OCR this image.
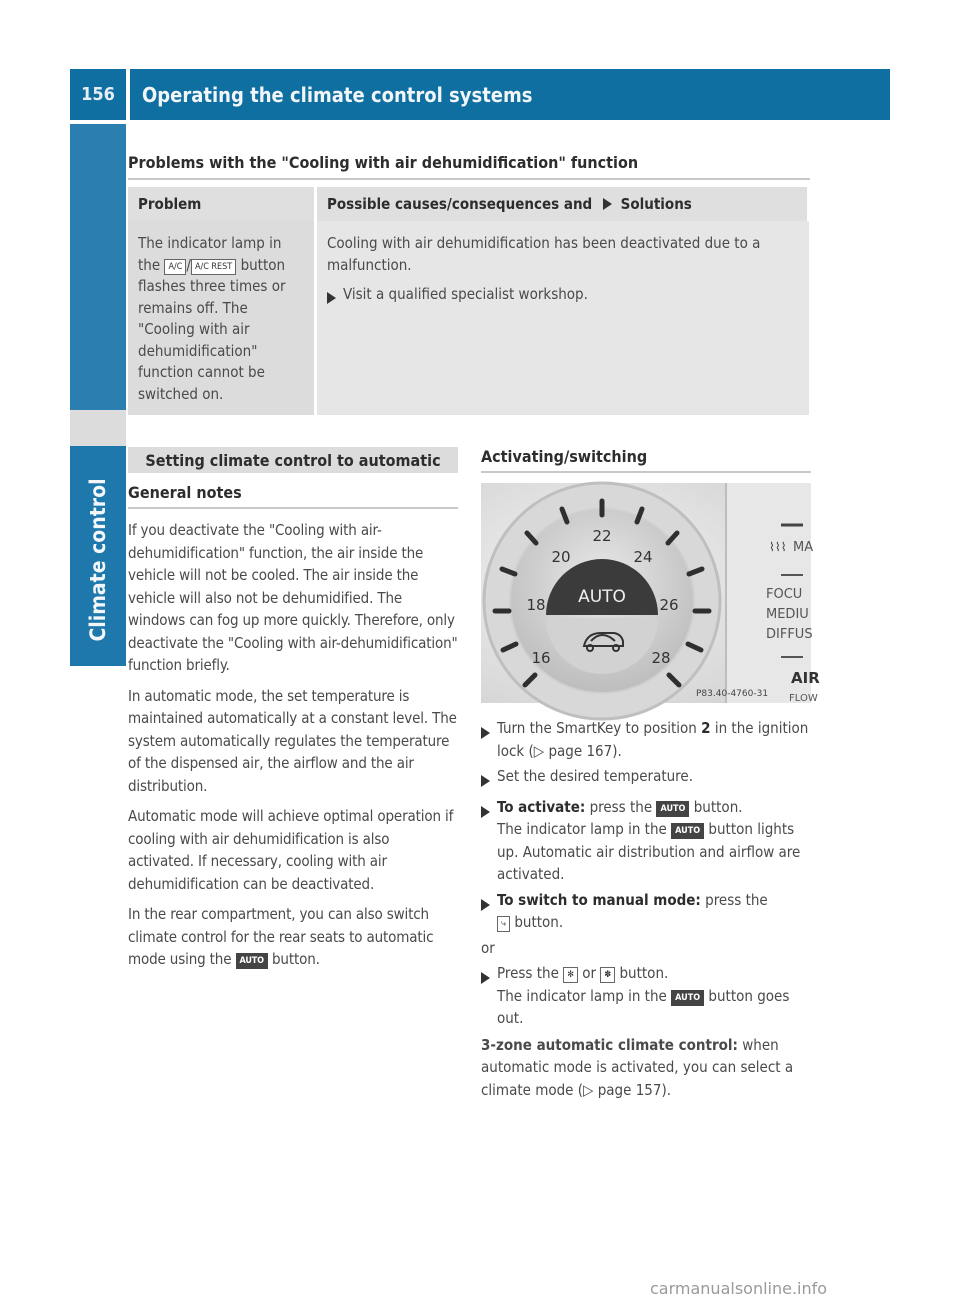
156	Operating the climate control systems
Climate control
Problems with the "Cooling with air dehumidification" function
Problem	Possible causes/consequences and Solutions
The indicator lamp in the A/C / A/C REST button flashes three times or remains off. The "Cooling with air dehumidification" function cannot be switched on.	Cooling with air dehumidification has been deactivated due to a malfunction.
Visit a qualified specialist workshop.
Setting climate control to automatic
General notes
If you deactivate the "Cooling with air-dehumidification" function, the air inside the vehicle will not be cooled. The air inside the vehicle will also not be dehumidified. The windows can fog up more quickly. Therefore, only deactivate the "Cooling with air-dehumidification" function briefly.
In automatic mode, the set temperature is maintained automatically at a constant level. The system automatically regulates the temperature of the dispensed air, the airflow and the air distribution.
Automatic mode will achieve optimal operation if cooling with air dehumidification is also activated. If necessary, cooling with air dehumidification can be deactivated.
In the rear compartment, you can also switch climate control for the rear seats to automatic mode using the AUTO button.
Activating/switching
22
20	24
18	26
16	28
AUTO
⌇⌇⌇ MA
FOCU
MEDIU
DIFFUS
AIR
FLOW
P83.40-4760-31
Turn the SmartKey to position 2 in the ignition lock (▷ page 167).
Set the desired temperature.
To activate: press the AUTO button.
The indicator lamp in the AUTO button lights up. Automatic air distribution and airflow are activated.
To switch to manual mode: press the
⤷ button.
or
Press the ✻ or ✽ button.
The indicator lamp in the AUTO button goes out.
3-zone automatic climate control: when automatic mode is activated, you can select a climate mode (▷ page 157).
carmanualsonline.info
